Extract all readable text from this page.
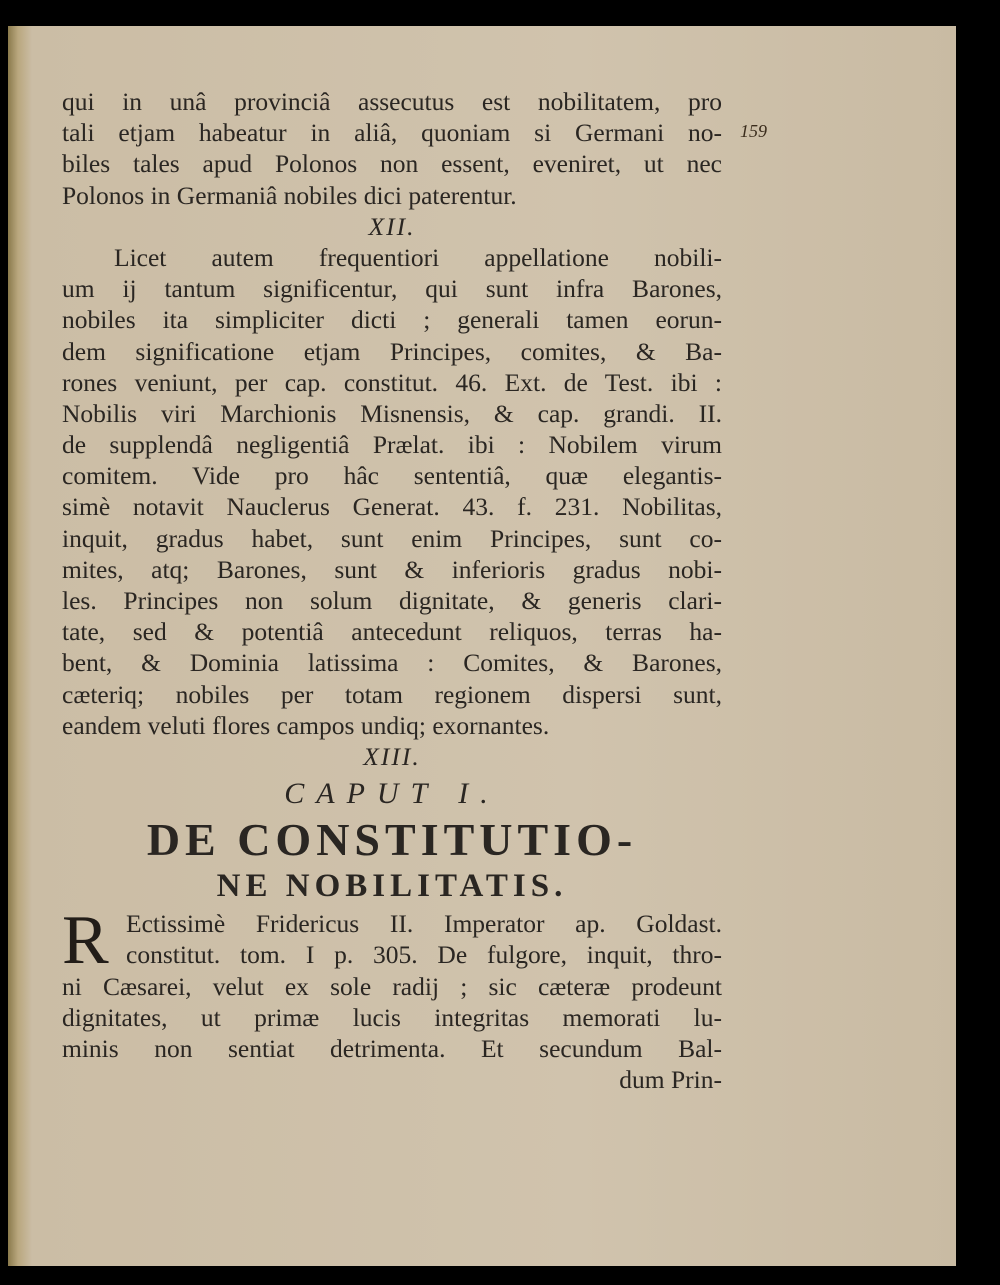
159
qui in unâ provinciâ assecutus est nobilitatem, pro
tali etjam habeatur in aliâ, quoniam si Germani no-
biles tales apud Polonos non essent, eveniret, ut nec
Polonos in Germaniâ nobiles dici paterentur.
XII.
Licet autem frequentiori appellatione nobili-
um ij tantum significentur, qui sunt infra Barones,
nobiles ita simpliciter dicti ; generali tamen eorun-
dem significatione etjam Principes, comites, & Ba-
rones veniunt, per cap. constitut. 46. Ext. de Test. ibi :
Nobilis viri Marchionis Misnensis, & cap. grandi. II.
de supplendâ negligentiâ Prælat. ibi : Nobilem virum
comitem. Vide pro hâc sententiâ, quæ elegantis-
simè notavit Nauclerus Generat. 43. f. 231. Nobilitas,
inquit, gradus habet, sunt enim Principes, sunt co-
mites, atq; Barones, sunt & inferioris gradus nobi-
les. Principes non solum dignitate, & generis clari-
tate, sed & potentiâ antecedunt reliquos, terras ha-
bent, & Dominia latissima : Comites, & Barones,
cæteriq; nobiles per totam regionem dispersi sunt,
eandem veluti flores campos undiq; exornantes.
XIII.
CAPUT I.
DE CONSTITUTIO-
NE NOBILITATIS.
R Ectissimè Fridericus II. Imperator ap. Goldast.
constitut. tom. I p. 305. De fulgore, inquit, thro-
ni Cæsarei, velut ex sole radij ; sic cæteræ prodeunt
dignitates, ut primæ lucis integritas memorati lu-
minis non sentiat detrimenta. Et secundum Bal-
dum Prin-
